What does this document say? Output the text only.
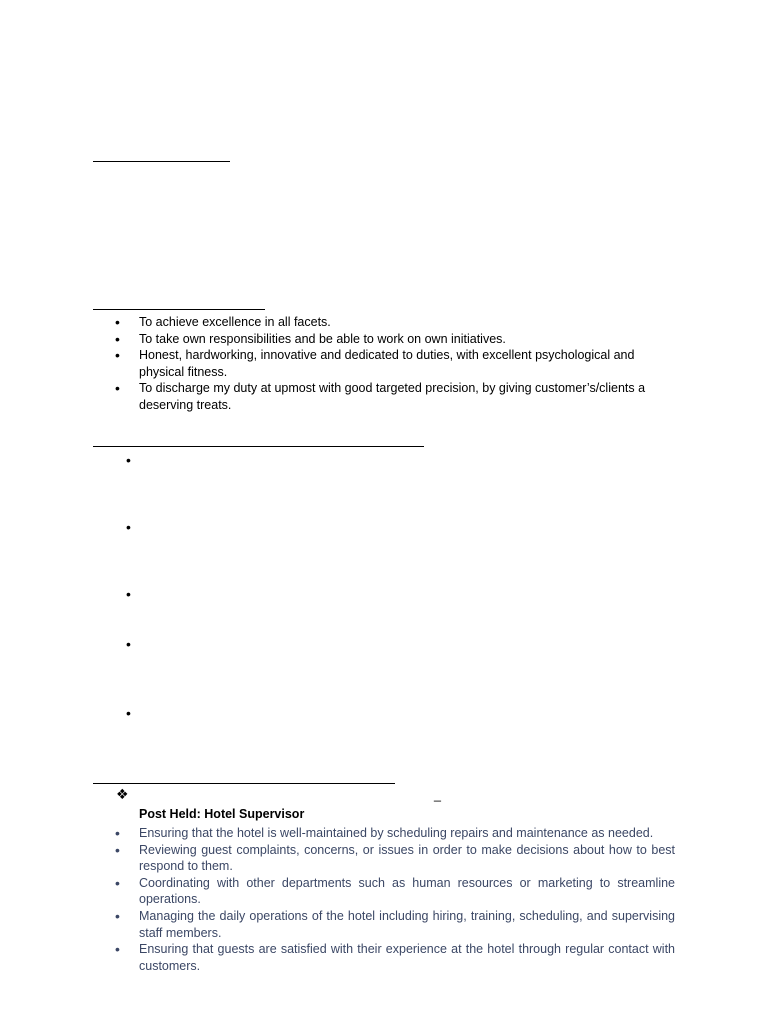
• To achieve excellence in all facets.
• To take own responsibilities and be able to work on own initiatives.
• Honest, hardworking, innovative and dedicated to duties, with excellent psychological and physical fitness.
• To discharge my duty at upmost with good targeted precision, by giving customer’s/clients a deserving treats.
•
•
•
•
•
❖	_
Post Held: Hotel Supervisor
• Ensuring that the hotel is well-maintained by scheduling repairs and maintenance as needed.
• Reviewing guest complaints, concerns, or issues in order to make decisions about how to best respond to them.
• Coordinating with other departments such as human resources or marketing to streamline operations.
• Managing the daily operations of the hotel including hiring, training, scheduling, and supervising staff members.
• Ensuring that guests are satisfied with their experience at the hotel through regular contact with customers.
